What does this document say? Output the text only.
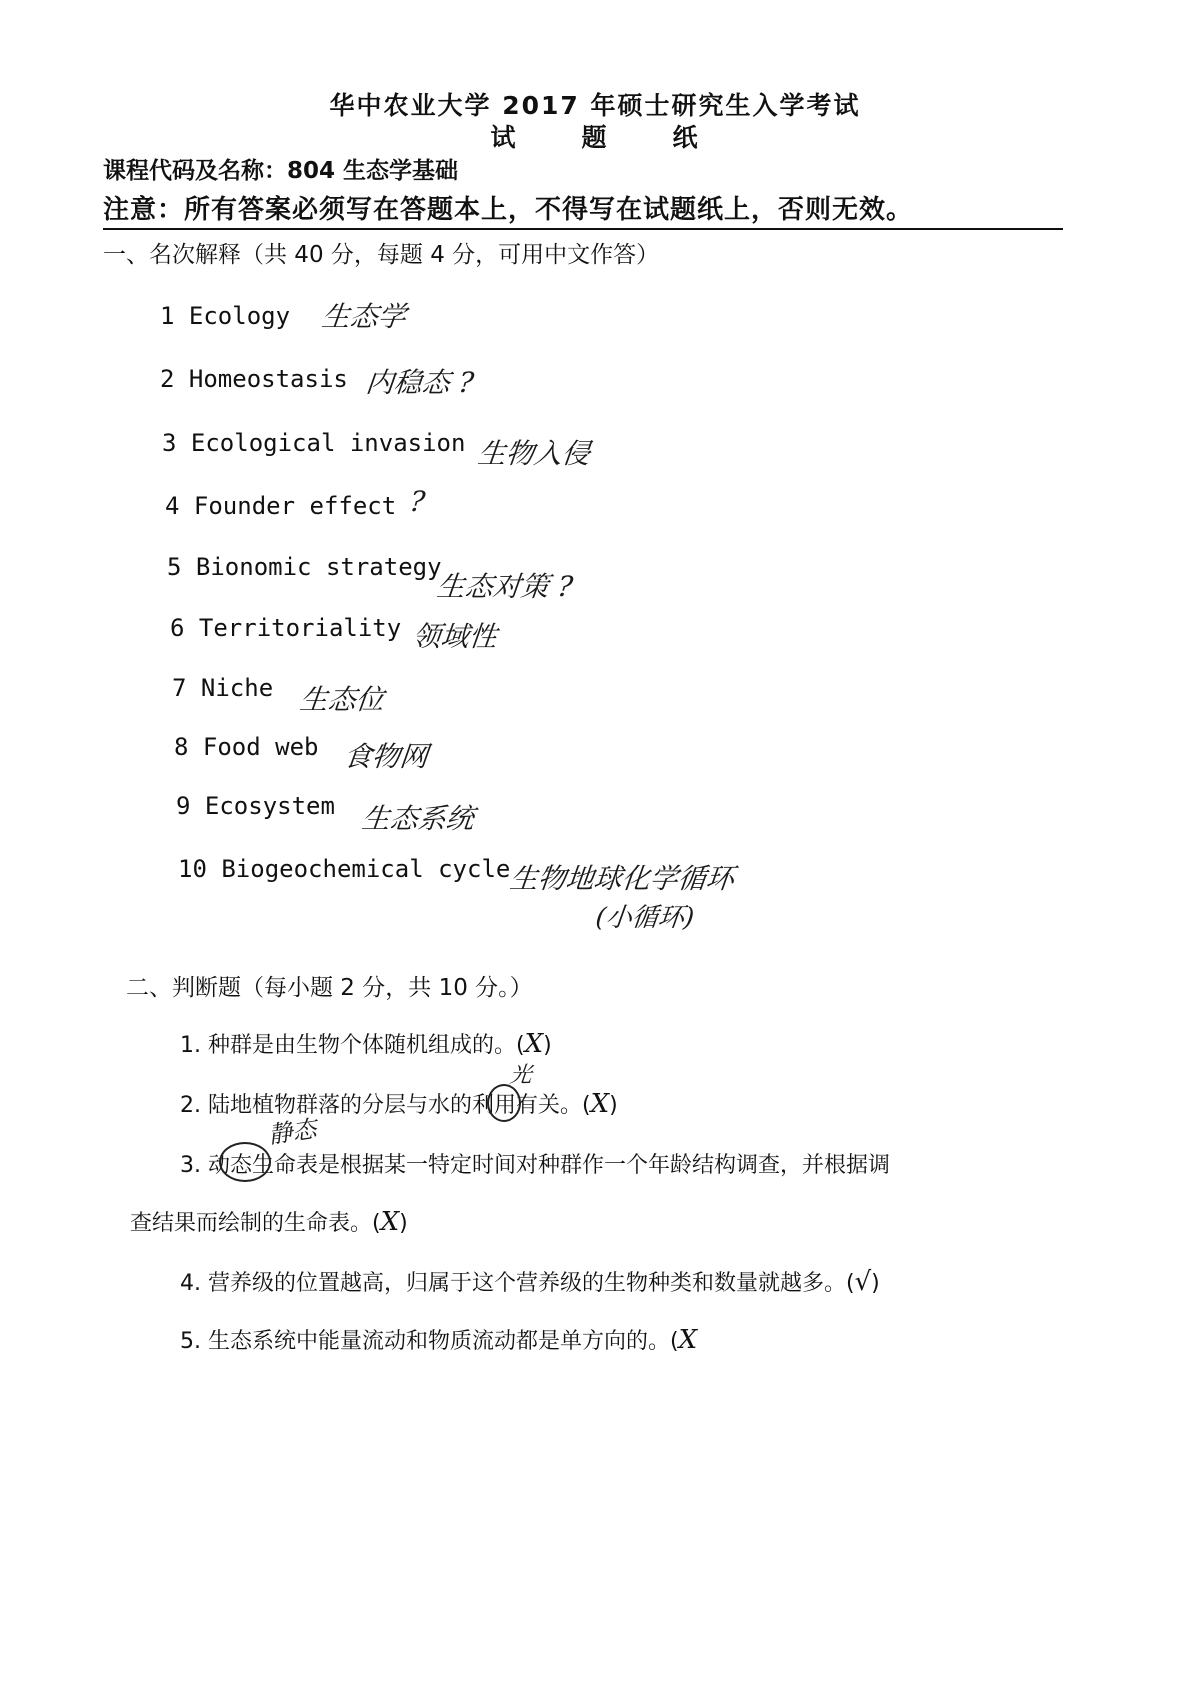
华中农业大学 2017 年硕士研究生入学考试
试	题	纸
课程代码及名称：804 生态学基础
注意：所有答案必须写在答题本上，不得写在试题纸上，否则无效。
一、名次解释（共 40 分，每题 4 分，可用中文作答）
1 Ecology 生态学
2 Homeostasis 内稳态 ?
3 Ecological invasion 生物入侵
4 Founder effect ?
5 Bionomic strategy
生态对策 ?
6 Territoriality 领域性
7 Niche 生态位
8 Food web 食物网
9 Ecosystem 生态系统
10 Biogeochemical cycle
生物地球化学循环
(小循环)
二、判断题（每小题 2 分，共 10 分。）
1. 种群是由生物个体随机组成的。(X)
2. 陆地植物群落的分层与水的利用有关。(X)
光
3. 动态生命表是根据某一特定时间对种群作一个年龄结构调查，并根据调
静态
查结果而绘制的生命表。(X)
4. 营养级的位置越高，归属于这个营养级的生物种类和数量就越多。(√)
5. 生态系统中能量流动和物质流动都是单方向的。(X
